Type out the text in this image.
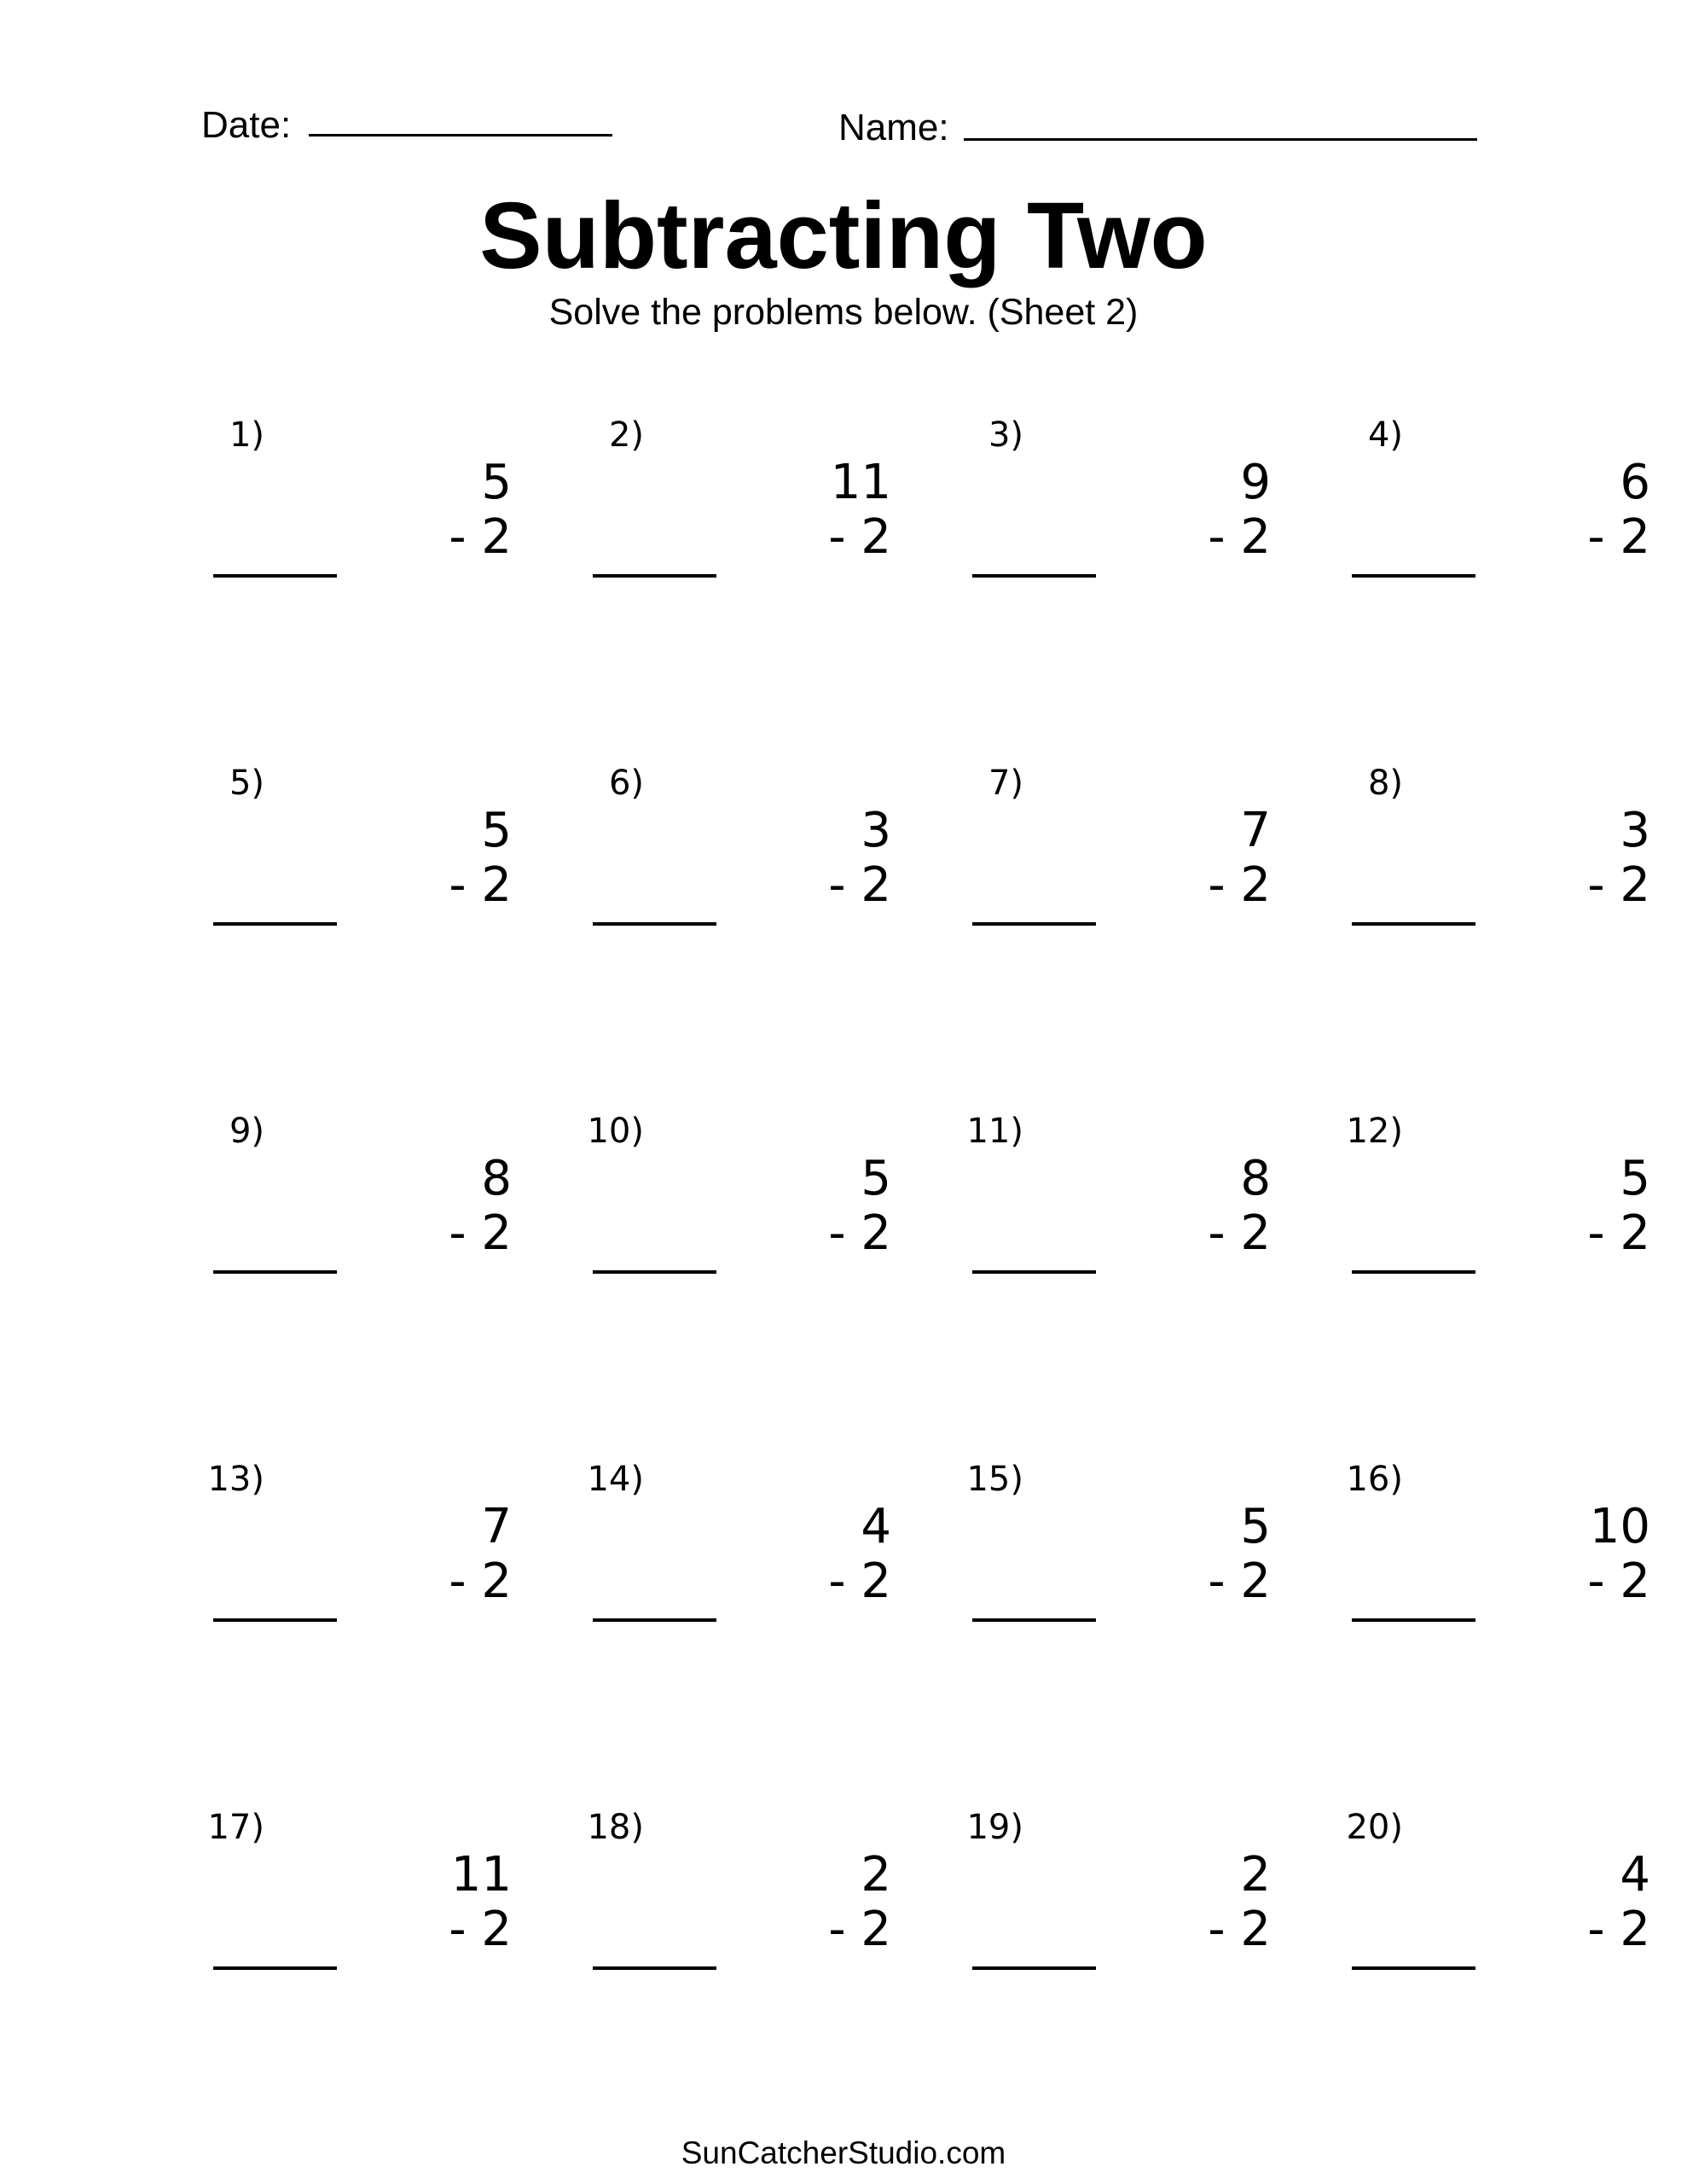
Date:	Name:
Subtracting Two
Solve the problems below. (Sheet 2)
1)
5
- 2
2)
11
- 2
3)
9
- 2
4)
6
- 2
5)
5
- 2
6)
3
- 2
7)
7
- 2
8)
3
- 2
9)
8
- 2
10)
5
- 2
11)
8
- 2
12)
5
- 2
13)
7
- 2
14)
4
- 2
15)
5
- 2
16)
10
- 2
17)
11
- 2
18)
2
- 2
19)
2
- 2
20)
4
- 2
SunCatcherStudio.com
